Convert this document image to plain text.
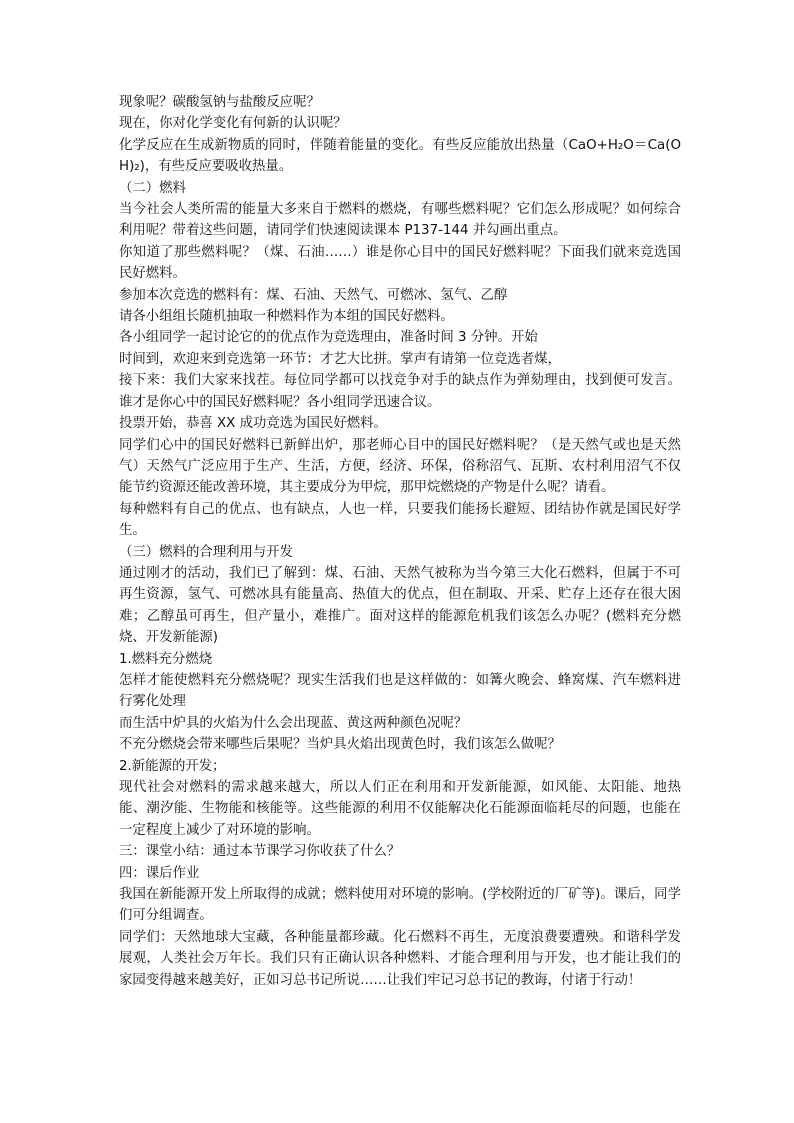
现象呢？碳酸氢钠与盐酸反应呢？

现在，你对化学变化有何新的认识呢？

化学反应在生成新物质的同时，伴随着能量的变化。有些反应能放出热量（CaO+H₂O＝Ca(OH)₂)，有些反应要吸收热量。

（二）燃料

当今社会人类所需的能量大多来自于燃料的燃烧，有哪些燃料呢？它们怎么形成呢？如何综合利用呢？带着这些问题，请同学们快速阅读课本 P137-144 并勾画出重点。

你知道了那些燃料呢？（煤、石油……）谁是你心目中的国民好燃料呢？下面我们就来竞选国民好燃料。

参加本次竞选的燃料有：煤、石油、天然气、可燃冰、氢气、乙醇

请各小组组长随机抽取一种燃料作为本组的国民好燃料。

各小组同学一起讨论它的的优点作为竞选理由，准备时间 3 分钟。开始

时间到，欢迎来到竞选第一环节：才艺大比拼。掌声有请第一位竞选者煤，

接下来：我们大家来找茬。每位同学都可以找竞争对手的缺点作为弹劾理由，找到便可发言。谁才是你心中的国民好燃料呢？各小组同学迅速合议。

投票开始，恭喜 XX 成功竞选为国民好燃料。

同学们心中的国民好燃料已新鲜出炉，那老师心目中的国民好燃料呢？（是天然气或也是天然气）天然气广泛应用于生产、生活，方便，经济、环保，俗称沼气、瓦斯、农村利用沼气不仅能节约资源还能改善环境，其主要成分为甲烷，那甲烷燃烧的产物是什么呢？请看。

每种燃料有自己的优点、也有缺点，人也一样，只要我们能扬长避短、团结协作就是国民好学生。

（三）燃料的合理利用与开发

通过刚才的活动，我们已了解到：煤、石油、天然气被称为当今第三大化石燃料，但属于不可再生资源，氢气、可燃冰具有能量高、热值大的优点，但在制取、开采、贮存上还存在很大困难；乙醇虽可再生，但产量小，难推广。面对这样的能源危机我们该怎么办呢？(燃料充分燃烧、开发新能源)

1.燃料充分燃烧

怎样才能使燃料充分燃烧呢？现实生活我们也是这样做的：如篝火晚会、蜂窝煤、汽车燃料进行雾化处理

而生活中炉具的火焰为什么会出现蓝、黄这两种颜色况呢？

不充分燃烧会带来哪些后果呢？当炉具火焰出现黄色时，我们该怎么做呢？

2.新能源的开发；

现代社会对燃料的需求越来越大，所以人们正在利用和开发新能源，如风能、太阳能、地热能、潮汐能、生物能和核能等。这些能源的利用不仅能解决化石能源面临耗尽的问题，也能在一定程度上减少了对环境的影响。

三：课堂小结：通过本节课学习你收获了什么？

四：课后作业

我国在新能源开发上所取得的成就；燃料使用对环境的影响。(学校附近的厂矿等)。课后，同学们可分组调查。

同学们：天然地球大宝藏，各种能量都珍藏。化石燃料不再生，无度浪费要遭殃。和谐科学发展观，人类社会万年长。我们只有正确认识各种燃料、才能合理利用与开发，也才能让我们的家园变得越来越美好，正如习总书记所说……让我们牢记习总书记的教诲，付诸于行动！
